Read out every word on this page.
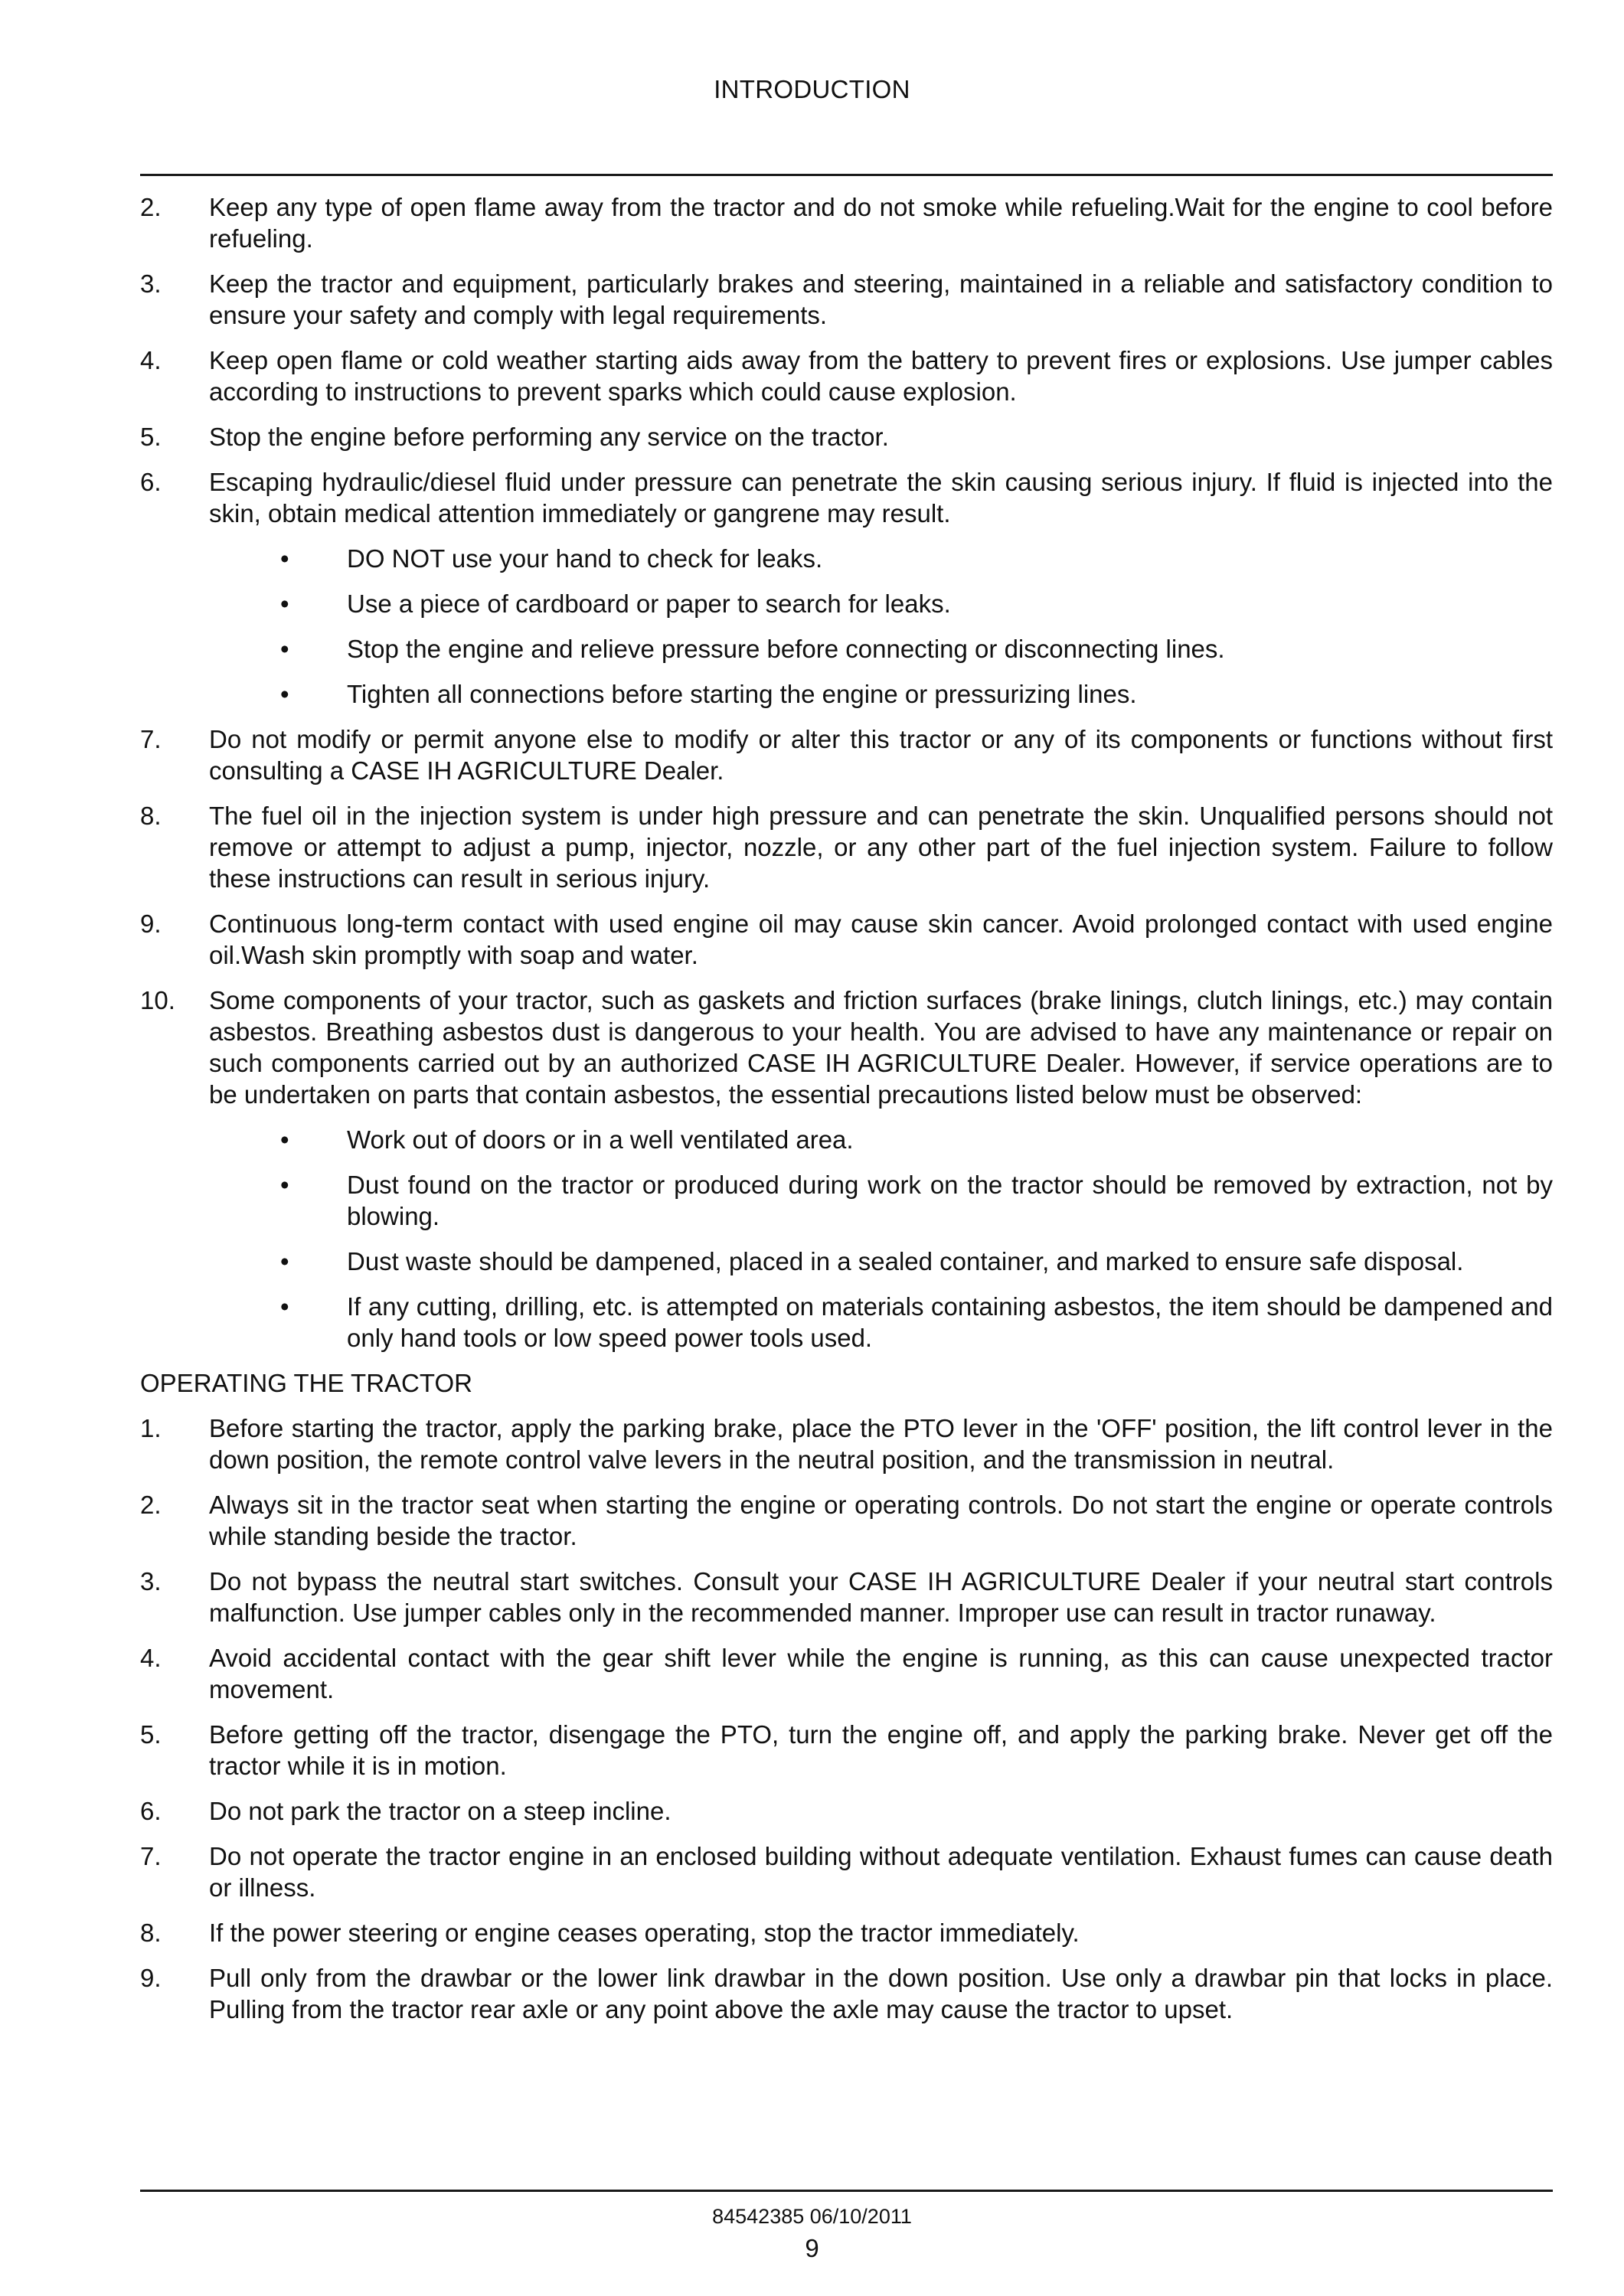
INTRODUCTION
2. Keep any type of open flame away from the tractor and do not smoke while refueling.Wait for the engine to cool before refueling.
3. Keep the tractor and equipment, particularly brakes and steering, maintained in a reliable and satisfactory condition to ensure your safety and comply with legal requirements.
4. Keep open flame or cold weather starting aids away from the battery to prevent fires or explosions. Use jumper cables according to instructions to prevent sparks which could cause explosion.
5. Stop the engine before performing any service on the tractor.
6. Escaping hydraulic/diesel fluid under pressure can penetrate the skin causing serious injury. If fluid is injected into the skin, obtain medical attention immediately or gangrene may result.
• DO NOT use your hand to check for leaks.
• Use a piece of cardboard or paper to search for leaks.
• Stop the engine and relieve pressure before connecting or disconnecting lines.
• Tighten all connections before starting the engine or pressurizing lines.
7. Do not modify or permit anyone else to modify or alter this tractor or any of its components or functions without first consulting a CASE IH AGRICULTURE Dealer.
8. The fuel oil in the injection system is under high pressure and can penetrate the skin. Unqualified persons should not remove or attempt to adjust a pump, injector, nozzle, or any other part of the fuel injection system. Failure to follow these instructions can result in serious injury.
9. Continuous long-term contact with used engine oil may cause skin cancer. Avoid prolonged contact with used engine oil.Wash skin promptly with soap and water.
10. Some components of your tractor, such as gaskets and friction surfaces (brake linings, clutch linings, etc.) may contain asbestos. Breathing asbestos dust is dangerous to your health. You are advised to have any maintenance or repair on such components carried out by an authorized CASE IH AGRICULTURE Dealer. However, if service operations are to be undertaken on parts that contain asbestos, the essential precautions listed below must be observed:
• Work out of doors or in a well ventilated area.
• Dust found on the tractor or produced during work on the tractor should be removed by extraction, not by blowing.
• Dust waste should be dampened, placed in a sealed container, and marked to ensure safe disposal.
• If any cutting, drilling, etc. is attempted on materials containing asbestos, the item should be dampened and only hand tools or low speed power tools used.
OPERATING THE TRACTOR
1. Before starting the tractor, apply the parking brake, place the PTO lever in the 'OFF' position, the lift control lever in the down position, the remote control valve levers in the neutral position, and the transmission in neutral.
2. Always sit in the tractor seat when starting the engine or operating controls. Do not start the engine or operate controls while standing beside the tractor.
3. Do not bypass the neutral start switches. Consult your CASE IH AGRICULTURE Dealer if your neutral start controls malfunction. Use jumper cables only in the recommended manner. Improper use can result in tractor runaway.
4. Avoid accidental contact with the gear shift lever while the engine is running, as this can cause unexpected tractor movement.
5. Before getting off the tractor, disengage the PTO, turn the engine off, and apply the parking brake. Never get off the tractor while it is in motion.
6. Do not park the tractor on a steep incline.
7. Do not operate the tractor engine in an enclosed building without adequate ventilation. Exhaust fumes can cause death or illness.
8. If the power steering or engine ceases operating, stop the tractor immediately.
9. Pull only from the drawbar or the lower link drawbar in the down position. Use only a drawbar pin that locks in place. Pulling from the tractor rear axle or any point above the axle may cause the tractor to upset.
84542385 06/10/2011
9
